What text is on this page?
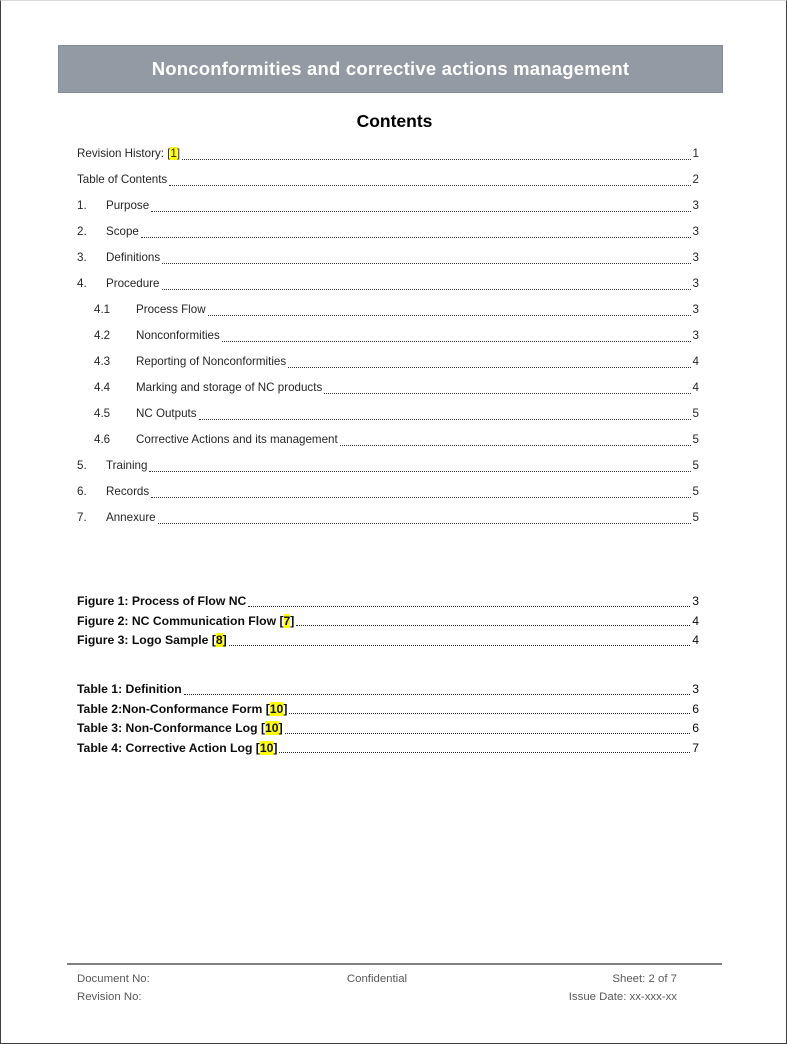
Nonconformities and corrective actions management
Contents
Revision History: [1]	1
Table of Contents	2
1.	Purpose	3
2.	Scope	3
3.	Definitions	3
4.	Procedure	3
4.1	Process Flow	3
4.2	Nonconformities	3
4.3	Reporting of Nonconformities	4
4.4	Marking and storage of NC products	4
4.5	NC Outputs	5
4.6	Corrective Actions and its management	5
5.	Training	5
6.	Records	5
7.	Annexure	5
Figure 1: Process of Flow NC	3
Figure 2: NC Communication Flow [7]	4
Figure 3: Logo Sample [8]	4
Table 1: Definition	3
Table 2:Non-Conformance Form [10]	6
Table 3: Non-Conformance Log [10]	6
Table 4: Corrective Action Log [10]	7
Document No:
Revision No:
Confidential	Sheet: 2 of 7
Issue Date: xx-xxx-xx
